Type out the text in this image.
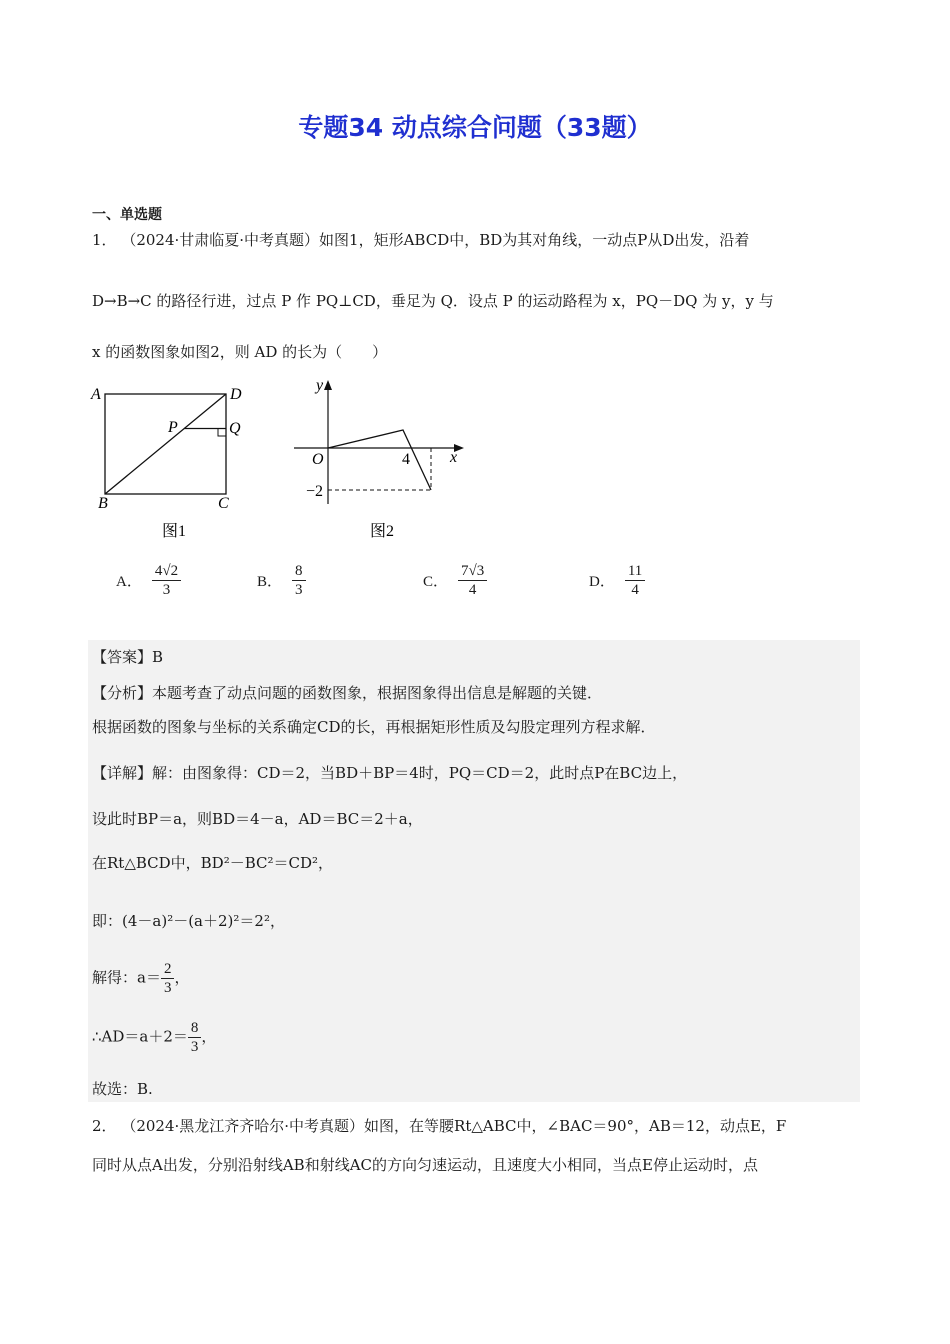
专题34 动点综合问题（33题）
一、单选题
1． （2024·甘肃临夏·中考真题）如图1，矩形ABCD中，BD为其对角线，一动点P从D出发，沿着
D→B→C 的路径行进，过点 P 作 PQ⊥CD，垂足为 Q．设点 P 的运动路程为 x，PQ－DQ 为 y，y 与
x 的函数图象如图2，则 AD 的长为（　　）
A	D
P	Q
B	C
图1
y
O	4	x
−2
图2
A． $\frac{4√2}{3}$	B． $\frac{8}{3}$	C． $\frac{7√3}{4}$	D． $\frac{11}{4}$
【答案】B
【分析】本题考查了动点问题的函数图象，根据图象得出信息是解题的关键．
根据函数的图象与坐标的关系确定CD的长，再根据矩形性质及勾股定理列方程求解．
【详解】解：由图象得：CD＝2，当BD＋BP＝4时，PQ＝CD＝2，此时点P在BC边上，
设此时BP＝a，则BD＝4－a，AD＝BC＝2＋a，
在Rt△BCD中，BD²－BC²＝CD²，
即：(4－a)²－(a＋2)²＝2²，
解得：$a= \frac{2}{3}$ ，
∴AD＝a＋2＝ $\frac{8}{3}$ ，
故选：B.
2． （2024·黑龙江齐齐哈尔·中考真题）如图，在等腰Rt△ABC中，∠BAC＝90°，AB＝12，动点E，F
同时从点A出发，分别沿射线AB和射线AC的方向匀速运动，且速度大小相同，当点E停止运动时，点
